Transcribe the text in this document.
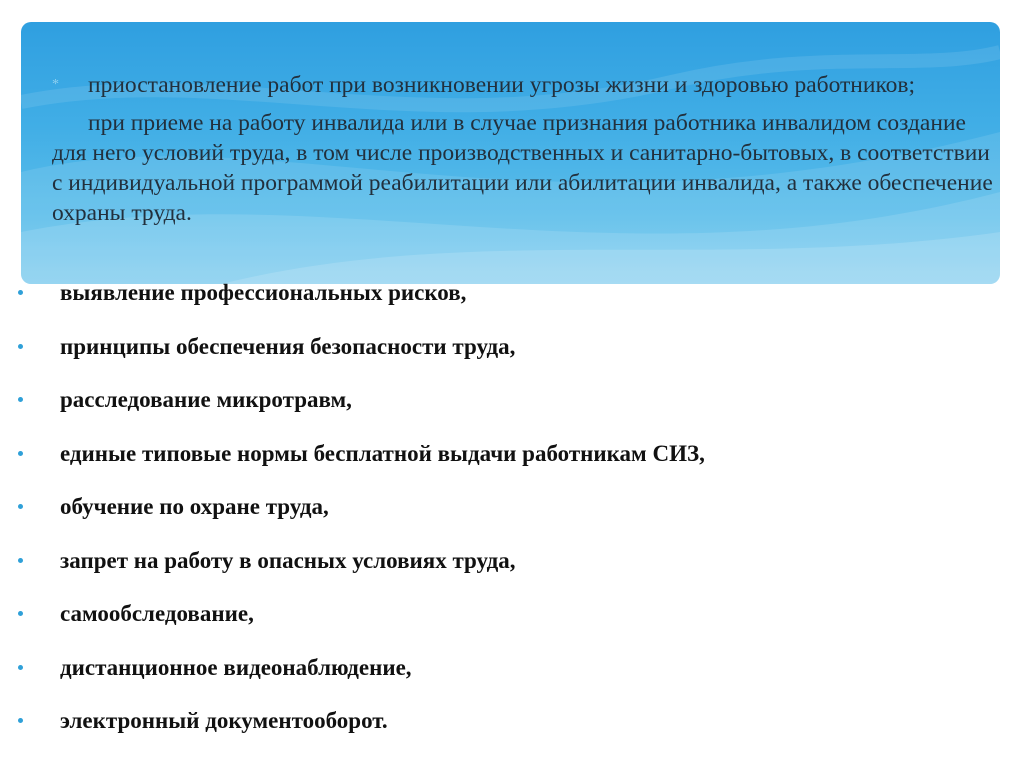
* приостановление работ при возникновении угрозы жизни и здоровью работников;

при приеме на работу инвалида или в случае признания работника инвалидом создание для него условий труда, в том числе производственных и санитарно-бытовых, в соответствии с индивидуальной программой реабилитации или абилитации инвалида, а также обеспечение охраны труда.

выявление профессиональных рисков,
принципы обеспечения безопасности труда,
расследование микротравм,
единые типовые нормы бесплатной выдачи работникам СИЗ,
обучение по охране труда,
запрет на работу в опасных условиях труда,
самообследование,
дистанционное видеонаблюдение,
электронный документооборот.
